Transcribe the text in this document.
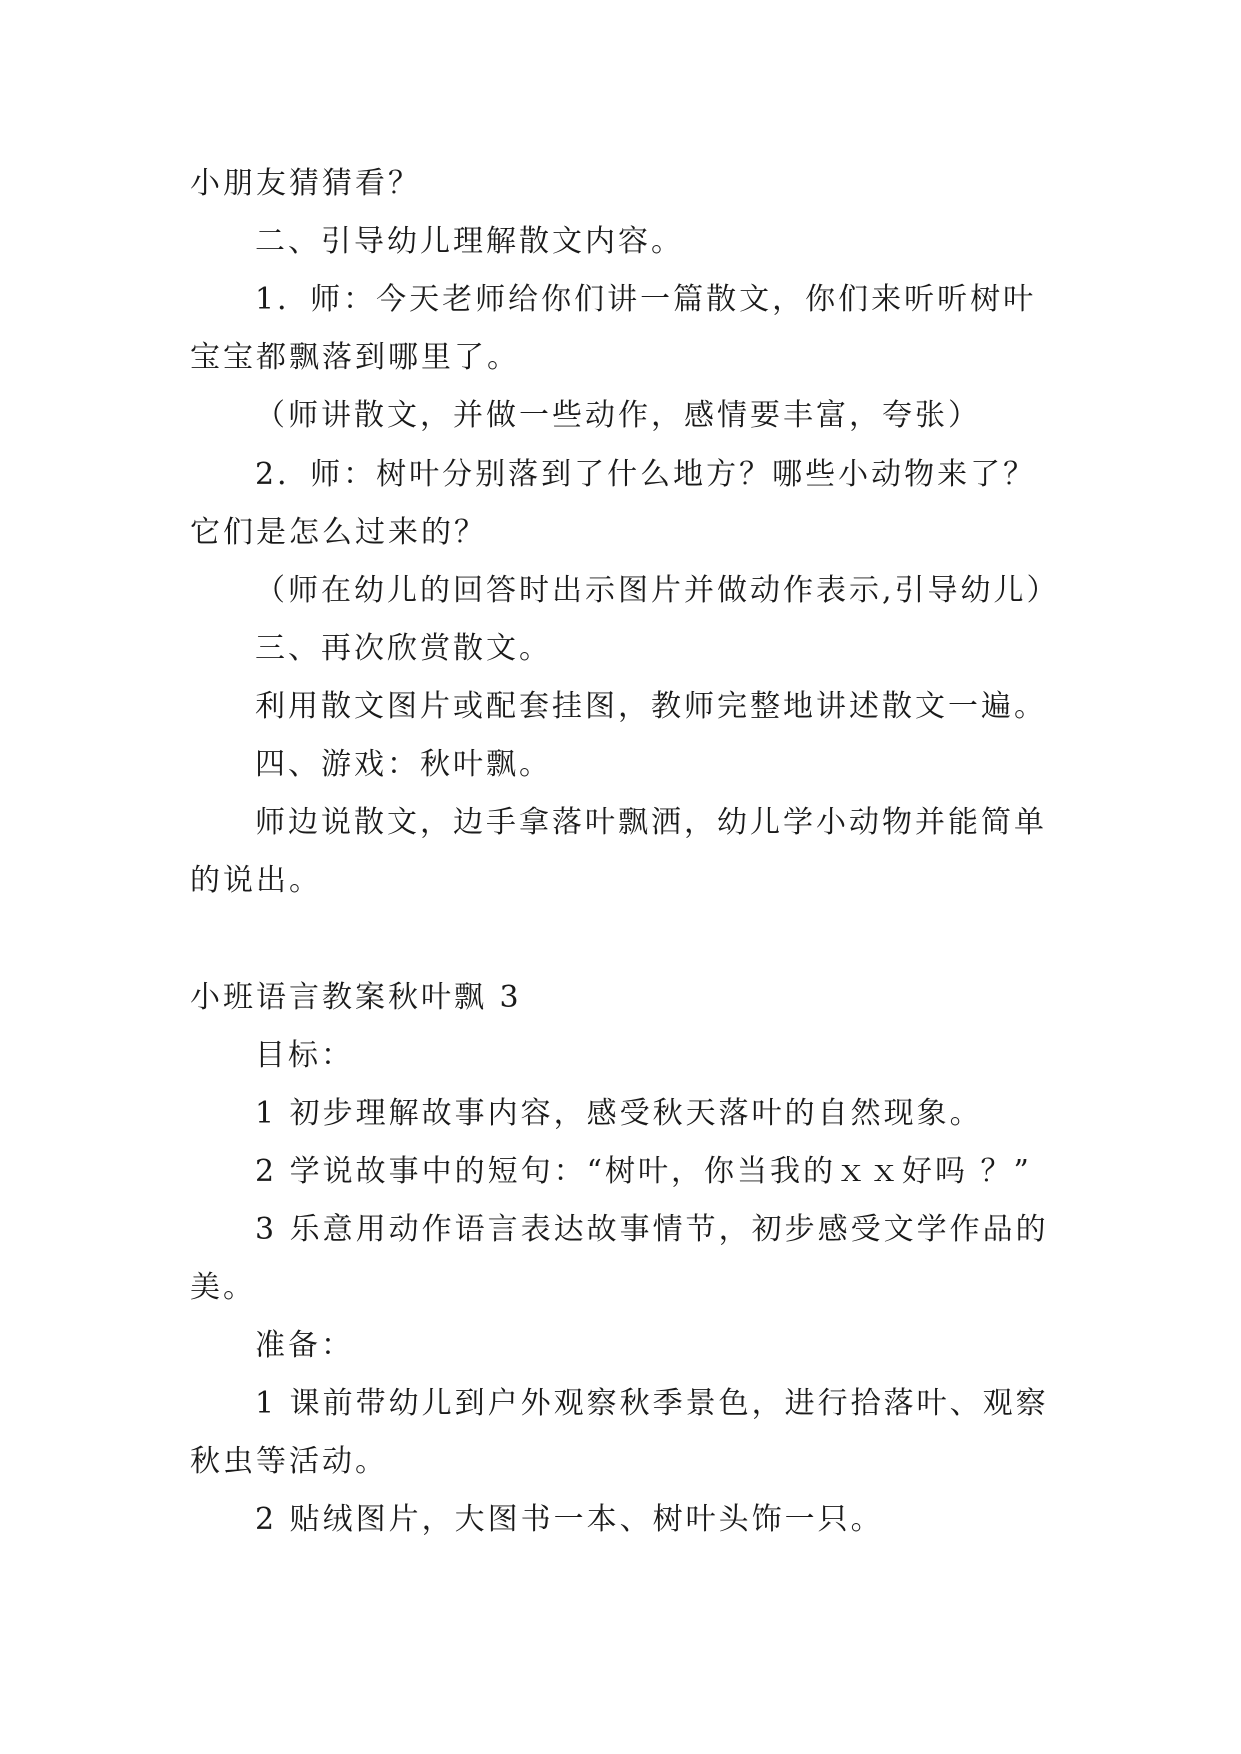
小朋友猜猜看？
二、引导幼儿理解散文内容。
1．师：今天老师给你们讲一篇散文，你们来听听树叶
宝宝都飘落到哪里了。
（师讲散文，并做一些动作，感情要丰富，夸张）
2．师：树叶分别落到了什么地方？哪些小动物来了？
它们是怎么过来的？
（师在幼儿的回答时出示图片并做动作表示,引导幼儿）
三、再次欣赏散文。
利用散文图片或配套挂图，教师完整地讲述散文一遍。
四、游戏：秋叶飘。
师边说散文，边手拿落叶飘洒，幼儿学小动物并能简单
的说出。
小班语言教案秋叶飘 3
目标：
1 初步理解故事内容，感受秋天落叶的自然现象。
2 学说故事中的短句：“树叶，你当我的ｘｘ好吗 ？”
3 乐意用动作语言表达故事情节，初步感受文学作品的
美。
准备：
1 课前带幼儿到户外观察秋季景色，进行拾落叶、观察
秋虫等活动。
2 贴绒图片，大图书一本、树叶头饰一只。
